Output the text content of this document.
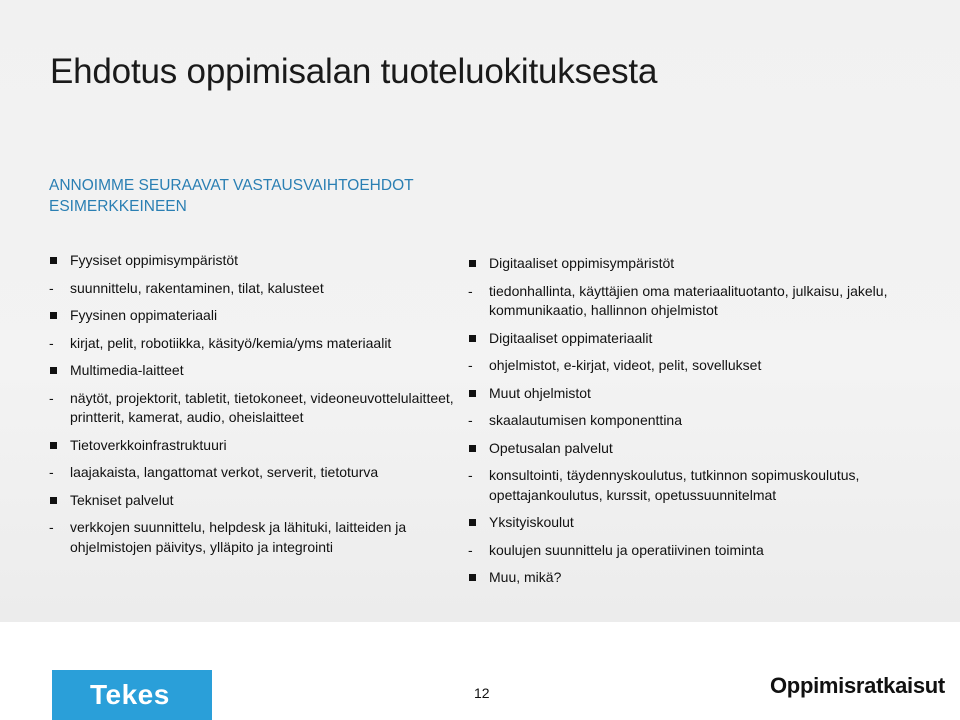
Ehdotus oppimisalan tuoteluokituksesta
ANNOIMME SEURAAVAT VASTAUSVAIHTOEHDOT
ESIMERKKEINEEN
Fyysiset oppimisympäristöt
-	suunnittelu, rakentaminen, tilat, kalusteet
Fyysinen oppimateriaali
-	kirjat, pelit, robotiikka, käsityö/kemia/yms materiaalit
Multimedia-laitteet
-	näytöt, projektorit, tabletit, tietokoneet, videoneuvottelulaitteet, printterit, kamerat, audio, oheislaitteet
Tietoverkkoinfrastruktuuri
-	laajakaista, langattomat verkot, serverit, tietoturva
Tekniset palvelut
-	verkkojen suunnittelu, helpdesk ja lähituki, laitteiden ja ohjelmistojen päivitys, ylläpito ja integrointi
Digitaaliset oppimisympäristöt
-	tiedonhallinta, käyttäjien oma materiaalituotanto, julkaisu, jakelu, kommunikaatio, hallinnon ohjelmistot
Digitaaliset oppimateriaalit
-	ohjelmistot, e-kirjat, videot, pelit, sovellukset
Muut ohjelmistot
-	skaalautumisen komponenttina
Opetusalan palvelut
-	konsultointi, täydennyskoulutus, tutkinnon sopimuskoulutus, opettajankoulutus, kurssit, opetussuunnitelmat
Yksityiskoulut
-	koulujen suunnittelu ja operatiivinen toiminta
Muu, mikä?
Tekes	12	Oppimisratkaisut
